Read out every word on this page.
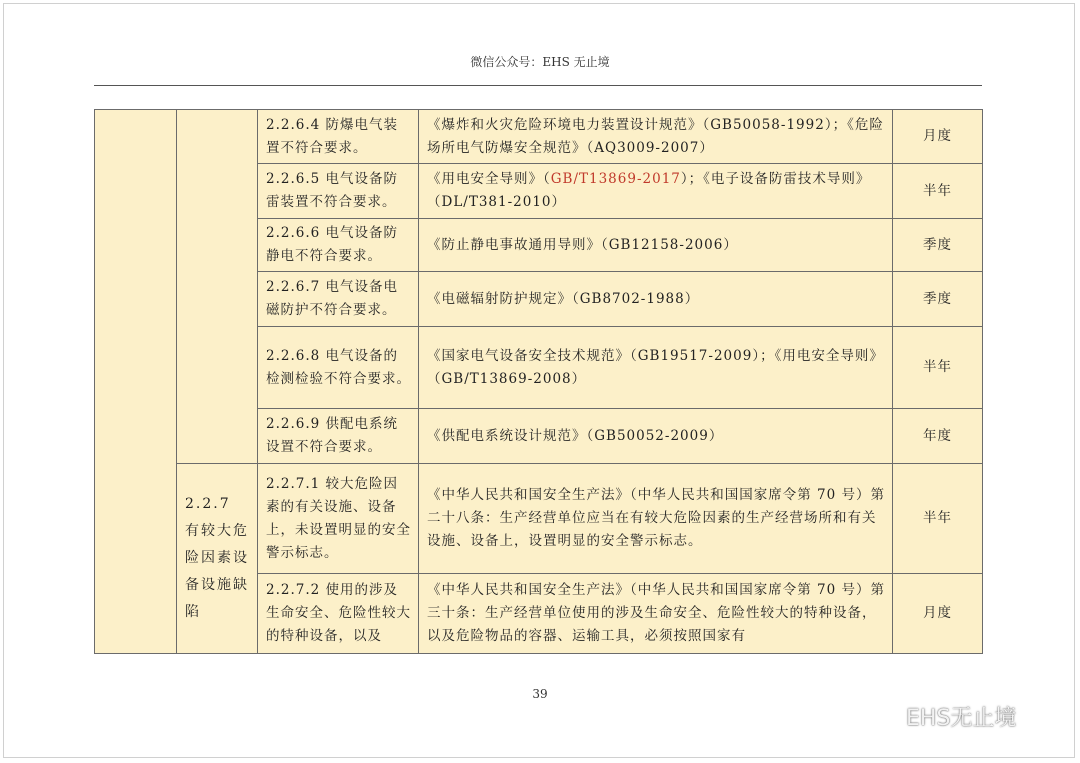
微信公众号：EHS 无止境
		2.2.6.4 防爆电气装置不符合要求。	《爆炸和火灾危险环境电力装置设计规范》（GB50058-1992）；《危险场所电气防爆安全规范》（AQ3009-2007）	月度
		2.2.6.5 电气设备防雷装置不符合要求。	《用电安全导则》（GB/T13869-2017）；《电子设备防雷技术导则》（DL/T381-2010）	半年
		2.2.6.6 电气设备防静电不符合要求。	《防止静电事故通用导则》（GB12158-2006）	季度
		2.2.6.7 电气设备电磁防护不符合要求。	《电磁辐射防护规定》（GB8702-1988）	季度
		2.2.6.8 电气设备的检测检验不符合要求。	《国家电气设备安全技术规范》（GB19517-2009）；《用电安全导则》（GB/T13869-2008）	半年
		2.2.6.9 供配电系统设置不符合要求。	《供配电系统设计规范》（GB50052-2009）	年度
	2.2.7 有较大危险因素设备设施缺陷	2.2.7.1 较大危险因素的有关设施、设备上，未设置明显的安全警示标志。	《中华人民共和国安全生产法》（中华人民共和国国家席令第 70 号）第二十八条：生产经营单位应当在有较大危险因素的生产经营场所和有关设施、设备上，设置明显的安全警示标志。	半年
		2.2.7.2 使用的涉及生命安全、危险性较大的特种设备，以及	《中华人民共和国安全生产法》（中华人民共和国国家席令第 70 号）第三十条：生产经营单位使用的涉及生命安全、危险性较大的特种设备，以及危险物品的容器、运输工具，必须按照国家有	月度
39
EHS无止境
